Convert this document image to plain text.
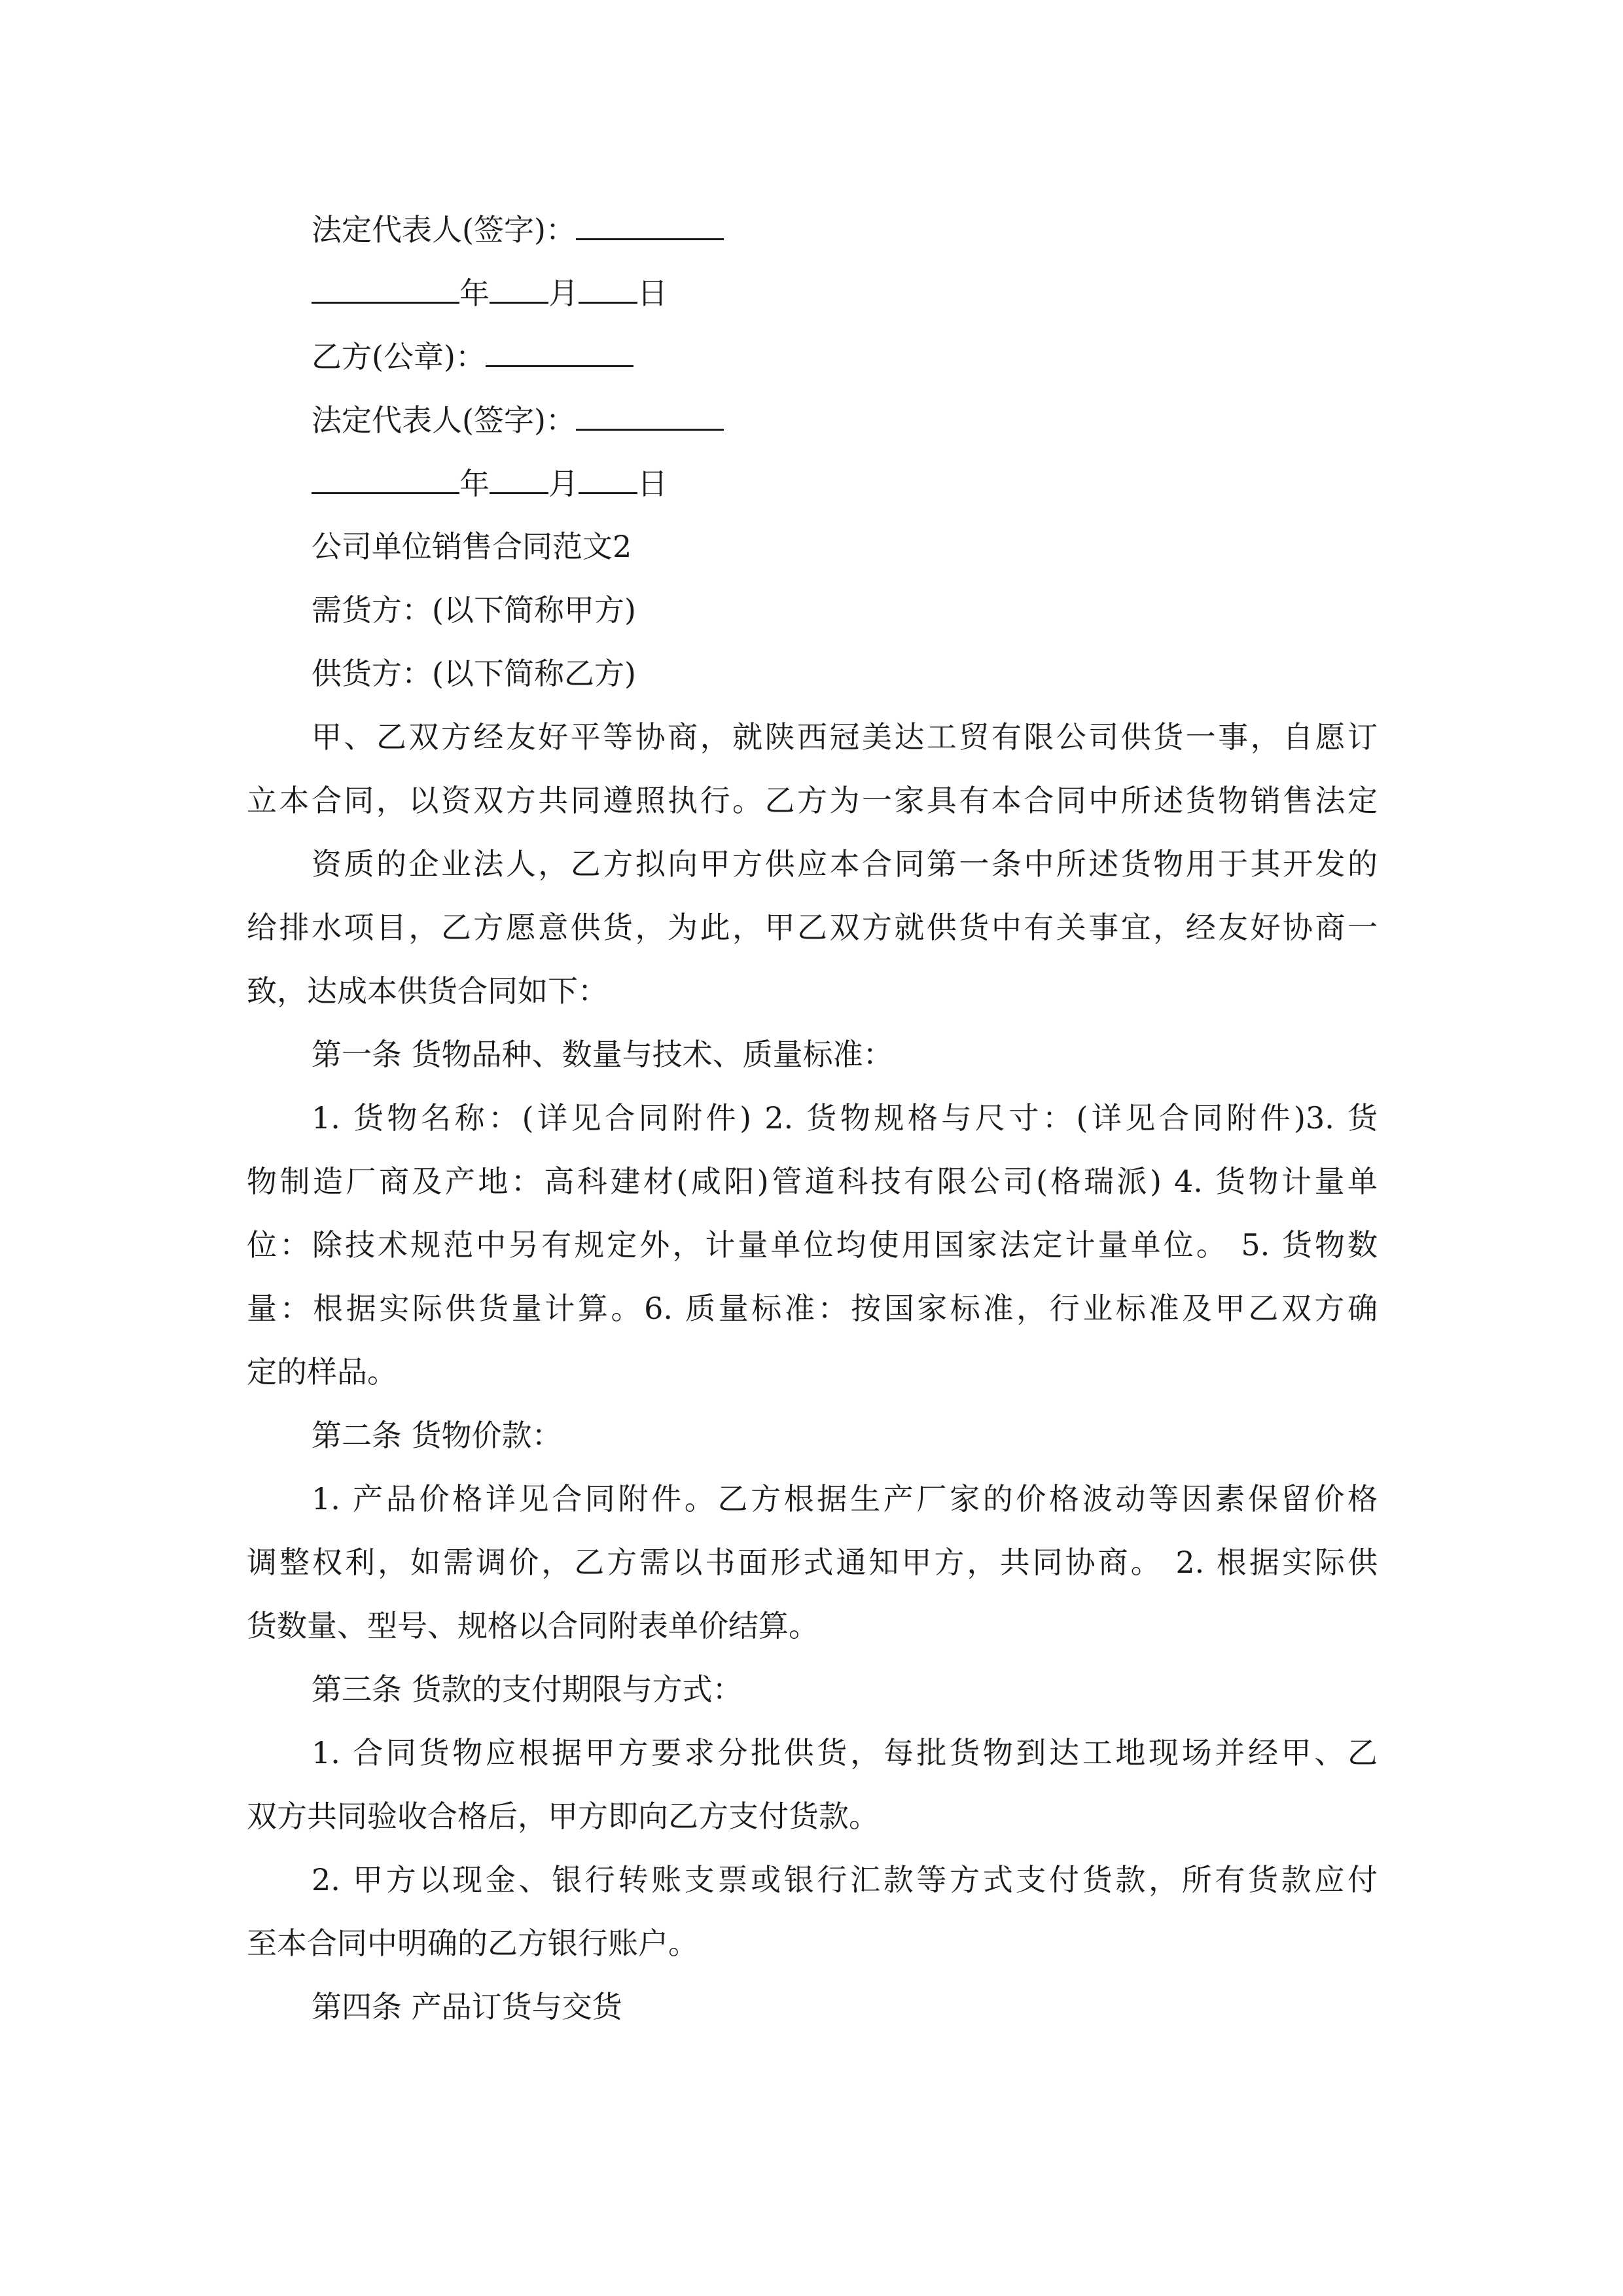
法定代表人(签字)：

年 月 日

乙方(公章)：

法定代表人(签字)：

年 月 日

公司单位销售合同范文2

需货方：(以下简称甲方)

供货方：(以下简称乙方)

甲、乙双方经友好平等协商，就陕西冠美达工贸有限公司供货一事，自愿订

立本合同，以资双方共同遵照执行。乙方为一家具有本合同中所述货物销售法定

资质的企业法人，乙方拟向甲方供应本合同第一条中所述货物用于其开发的

给排水项目，乙方愿意供货，为此，甲乙双方就供货中有关事宜，经友好协商一

致，达成本供货合同如下：

第一条 货物品种、数量与技术、质量标准：

1. 货物名称：(详见合同附件) 2. 货物规格与尺寸：(详见合同附件)3. 货

物制造厂商及产地：高科建材(咸阳)管道科技有限公司(格瑞派) 4. 货物计量单

位：除技术规范中另有规定外，计量单位均使用国家法定计量单位。 5. 货物数

量：根据实际供货量计算。6. 质量标准：按国家标准，行业标准及甲乙双方确

定的样品。

第二条 货物价款：

1. 产品价格详见合同附件。乙方根据生产厂家的价格波动等因素保留价格

调整权利，如需调价，乙方需以书面形式通知甲方，共同协商。 2. 根据实际供

货数量、型号、规格以合同附表单价结算。

第三条 货款的支付期限与方式：

1. 合同货物应根据甲方要求分批供货，每批货物到达工地现场并经甲、乙

双方共同验收合格后，甲方即向乙方支付货款。

2. 甲方以现金、银行转账支票或银行汇款等方式支付货款，所有货款应付

至本合同中明确的乙方银行账户。

第四条 产品订货与交货
